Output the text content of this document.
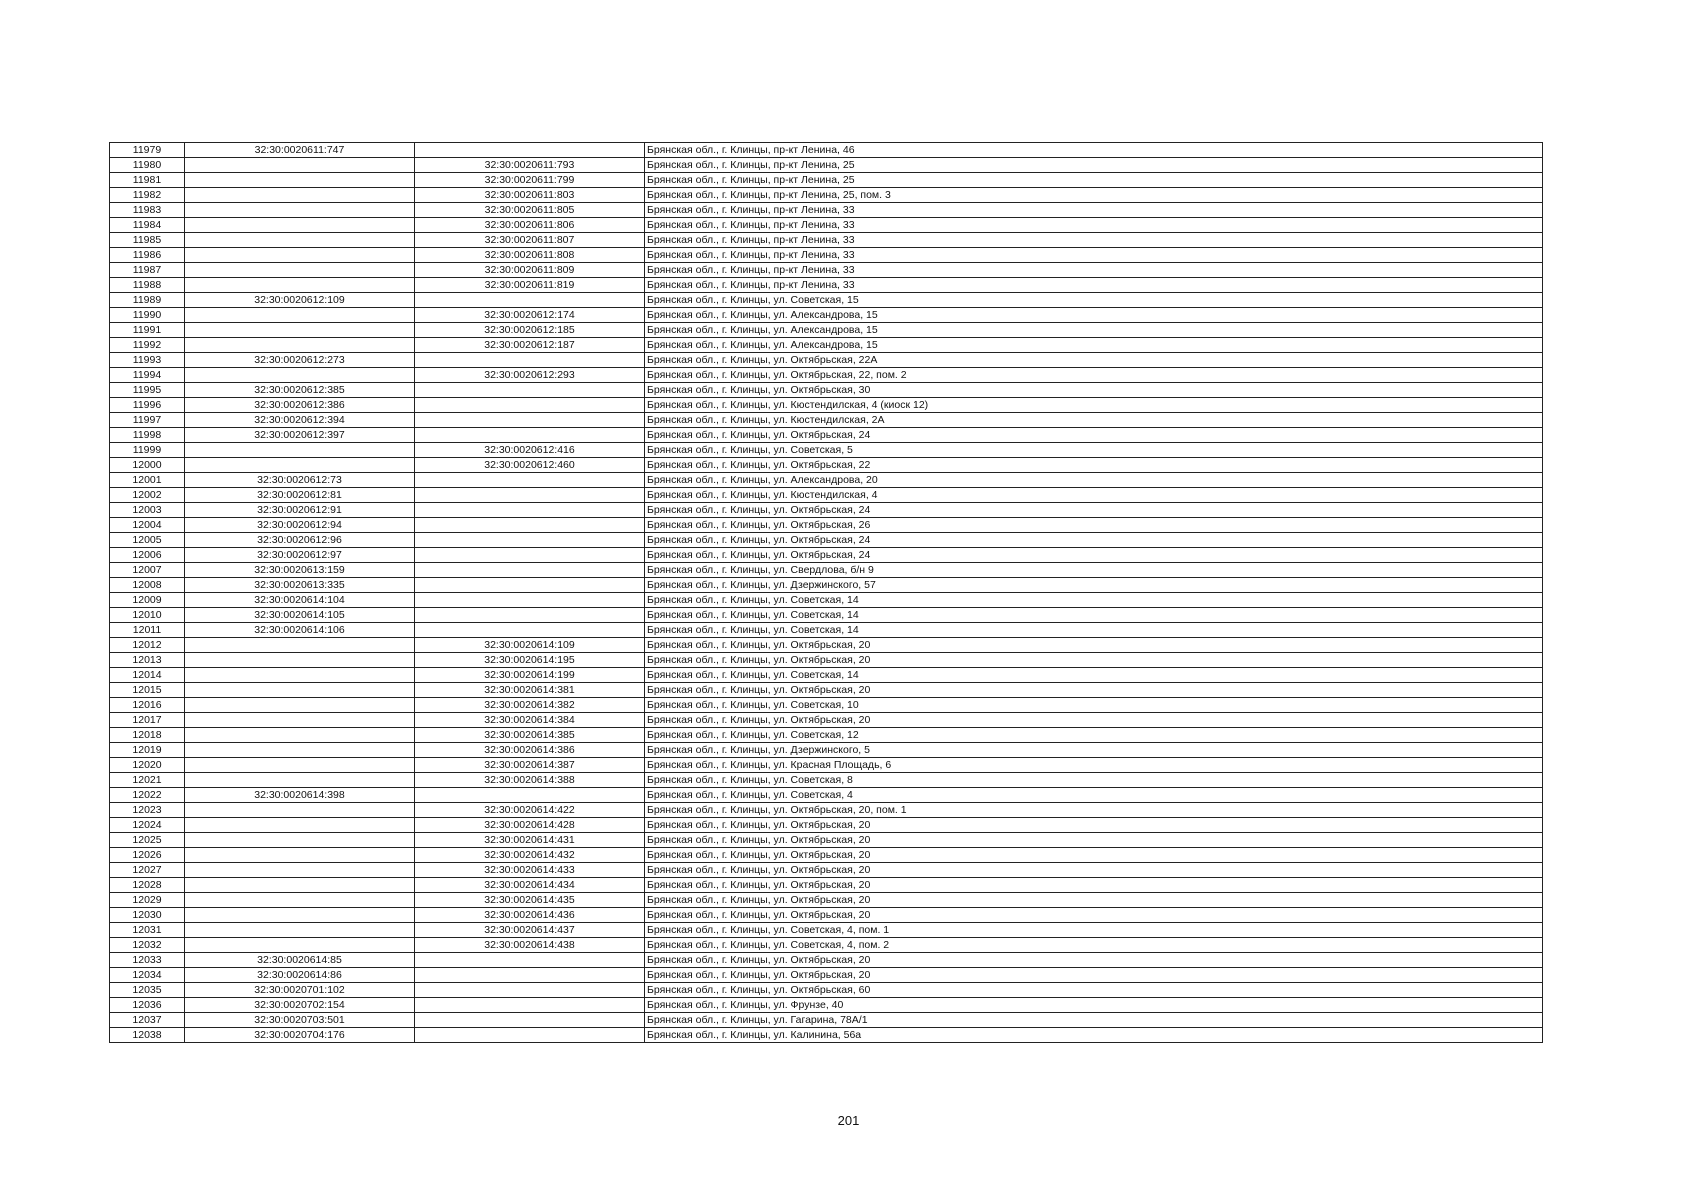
11979	32:30:0020611:747		Брянская обл., г. Клинцы, пр-кт Ленина, 46
11980		32:30:0020611:793	Брянская обл., г. Клинцы, пр-кт Ленина, 25
11981		32:30:0020611:799	Брянская обл., г. Клинцы, пр-кт Ленина, 25
11982		32:30:0020611:803	Брянская обл., г. Клинцы, пр-кт Ленина, 25, пом. 3
11983		32:30:0020611:805	Брянская обл., г. Клинцы, пр-кт Ленина, 33
11984		32:30:0020611:806	Брянская обл., г. Клинцы, пр-кт Ленина, 33
11985		32:30:0020611:807	Брянская обл., г. Клинцы, пр-кт Ленина, 33
11986		32:30:0020611:808	Брянская обл., г. Клинцы, пр-кт Ленина, 33
11987		32:30:0020611:809	Брянская обл., г. Клинцы, пр-кт Ленина, 33
11988		32:30:0020611:819	Брянская обл., г. Клинцы, пр-кт Ленина, 33
11989	32:30:0020612:109		Брянская обл., г. Клинцы, ул. Советская, 15
11990		32:30:0020612:174	Брянская обл., г. Клинцы, ул. Александрова, 15
11991		32:30:0020612:185	Брянская обл., г. Клинцы, ул. Александрова, 15
11992		32:30:0020612:187	Брянская обл., г. Клинцы, ул. Александрова, 15
11993	32:30:0020612:273		Брянская обл., г. Клинцы, ул. Октябрьская, 22А
11994		32:30:0020612:293	Брянская обл., г. Клинцы, ул. Октябрьская, 22, пом. 2
11995	32:30:0020612:385		Брянская обл., г. Клинцы, ул. Октябрьская, 30
11996	32:30:0020612:386		Брянская обл., г. Клинцы, ул. Кюстендилская, 4 (киоск 12)
11997	32:30:0020612:394		Брянская обл., г. Клинцы, ул. Кюстендилская, 2А
11998	32:30:0020612:397		Брянская обл., г. Клинцы, ул. Октябрьская, 24
11999		32:30:0020612:416	Брянская обл., г. Клинцы, ул. Советская, 5
12000		32:30:0020612:460	Брянская обл., г. Клинцы, ул. Октябрьская, 22
12001	32:30:0020612:73		Брянская обл., г. Клинцы, ул. Александрова, 20
12002	32:30:0020612:81		Брянская обл., г. Клинцы, ул. Кюстендилская, 4
12003	32:30:0020612:91		Брянская обл., г. Клинцы, ул. Октябрьская, 24
12004	32:30:0020612:94		Брянская обл., г. Клинцы, ул. Октябрьская, 26
12005	32:30:0020612:96		Брянская обл., г. Клинцы, ул. Октябрьская, 24
12006	32:30:0020612:97		Брянская обл., г. Клинцы, ул. Октябрьская, 24
12007	32:30:0020613:159		Брянская обл., г. Клинцы, ул. Свердлова, б/н 9
12008	32:30:0020613:335		Брянская обл., г. Клинцы, ул. Дзержинского, 57
12009	32:30:0020614:104		Брянская обл., г. Клинцы, ул. Советская, 14
12010	32:30:0020614:105		Брянская обл., г. Клинцы, ул. Советская, 14
12011	32:30:0020614:106		Брянская обл., г. Клинцы, ул. Советская, 14
12012		32:30:0020614:109	Брянская обл., г. Клинцы, ул. Октябрьская, 20
12013		32:30:0020614:195	Брянская обл., г. Клинцы, ул. Октябрьская, 20
12014		32:30:0020614:199	Брянская обл., г. Клинцы, ул. Советская, 14
12015		32:30:0020614:381	Брянская обл., г. Клинцы, ул. Октябрьская, 20
12016		32:30:0020614:382	Брянская обл., г. Клинцы, ул. Советская, 10
12017		32:30:0020614:384	Брянская обл., г. Клинцы, ул. Октябрьская, 20
12018		32:30:0020614:385	Брянская обл., г. Клинцы, ул. Советская, 12
12019		32:30:0020614:386	Брянская обл., г. Клинцы, ул. Дзержинского, 5
12020		32:30:0020614:387	Брянская обл., г. Клинцы, ул. Красная Площадь, 6
12021		32:30:0020614:388	Брянская обл., г. Клинцы, ул. Советская, 8
12022	32:30:0020614:398		Брянская обл., г. Клинцы, ул. Советская, 4
12023		32:30:0020614:422	Брянская обл., г. Клинцы, ул. Октябрьская, 20, пом. 1
12024		32:30:0020614:428	Брянская обл., г. Клинцы, ул. Октябрьская, 20
12025		32:30:0020614:431	Брянская обл., г. Клинцы, ул. Октябрьская, 20
12026		32:30:0020614:432	Брянская обл., г. Клинцы, ул. Октябрьская, 20
12027		32:30:0020614:433	Брянская обл., г. Клинцы, ул. Октябрьская, 20
12028		32:30:0020614:434	Брянская обл., г. Клинцы, ул. Октябрьская, 20
12029		32:30:0020614:435	Брянская обл., г. Клинцы, ул. Октябрьская, 20
12030		32:30:0020614:436	Брянская обл., г. Клинцы, ул. Октябрьская, 20
12031		32:30:0020614:437	Брянская обл., г. Клинцы, ул. Советская, 4, пом. 1
12032		32:30:0020614:438	Брянская обл., г. Клинцы, ул. Советская, 4, пом. 2
12033	32:30:0020614:85		Брянская обл., г. Клинцы, ул. Октябрьская, 20
12034	32:30:0020614:86		Брянская обл., г. Клинцы, ул. Октябрьская, 20
12035	32:30:0020701:102		Брянская обл., г. Клинцы, ул. Октябрьская, 60
12036	32:30:0020702:154		Брянская обл., г. Клинцы, ул. Фрунзе, 40
12037	32:30:0020703:501		Брянская обл., г. Клинцы, ул. Гагарина, 78А/1
12038	32:30:0020704:176		Брянская обл., г. Клинцы, ул. Калинина, 56а
201
